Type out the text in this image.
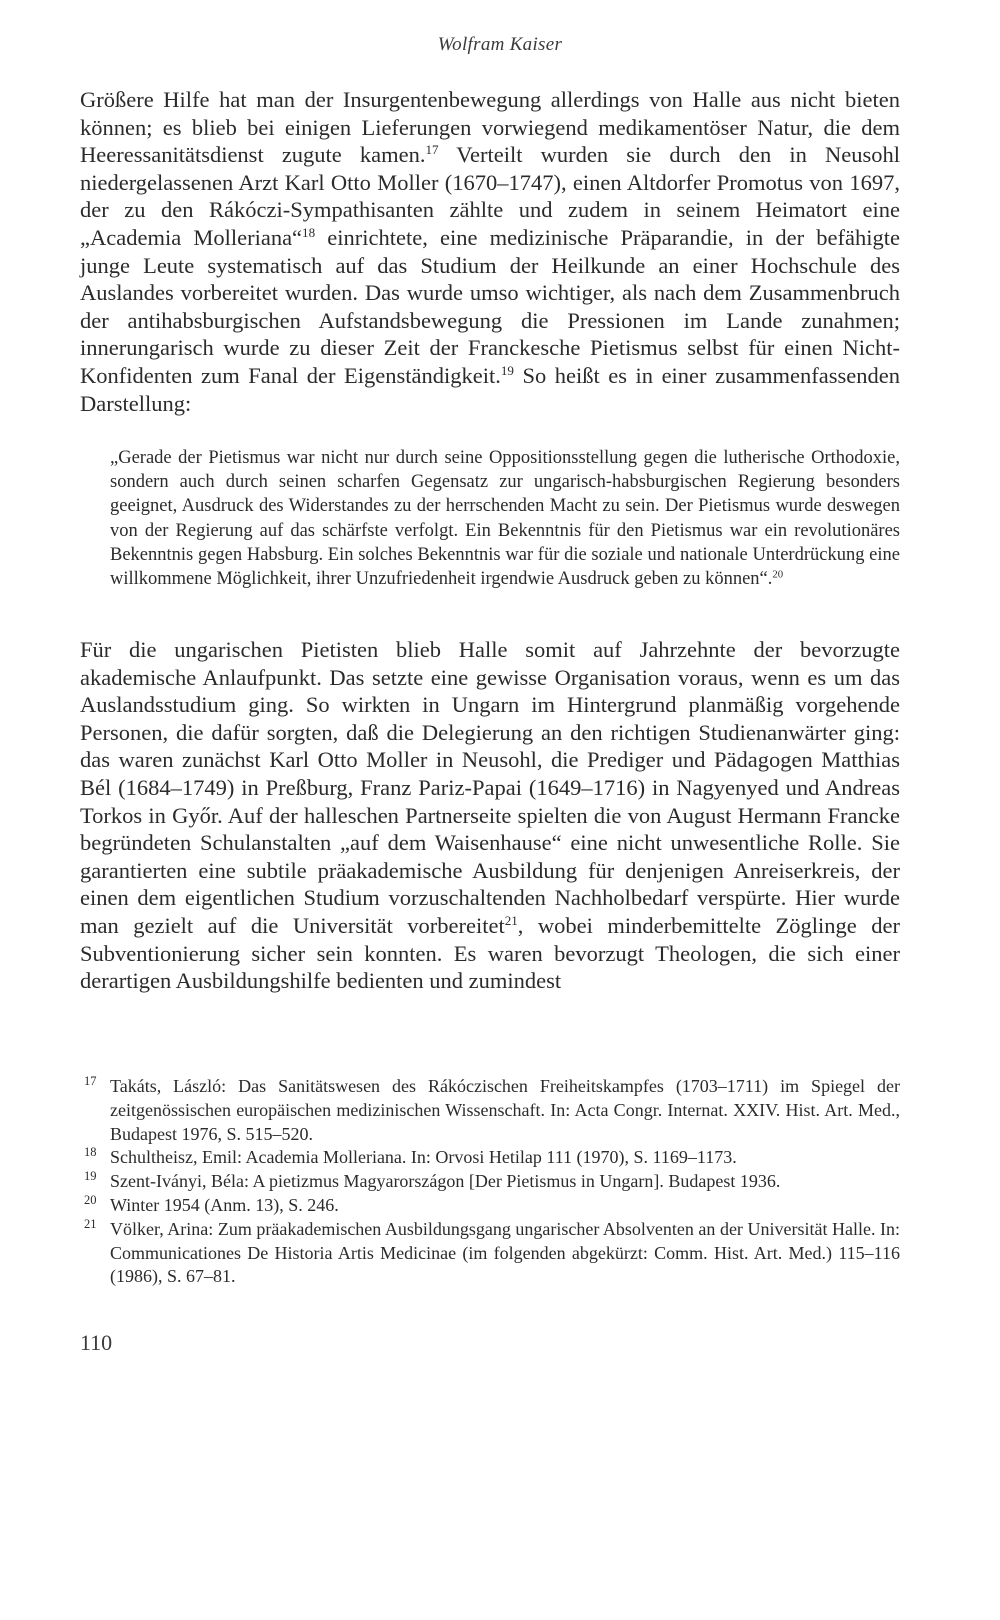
Wolfram Kaiser

Größere Hilfe hat man der Insurgentenbewegung allerdings von Halle aus nicht bieten können; es blieb bei einigen Lieferungen vorwiegend medikamentöser Natur, die dem Heeressanitätsdienst zugute kamen.$^{17}$ Verteilt wurden sie durch den in Neusohl niedergelassenen Arzt Karl Otto Moller (1670–1747), einen Altdorfer Promotus von 1697, der zu den Rákóczi-Sympathisanten zählte und zudem in seinem Heimatort eine „Academia Molleriana“$^{18}$ einrichtete, eine medizinische Präparandie, in der befähigte junge Leute systematisch auf das Studium der Heilkunde an einer Hochschule des Auslandes vorbereitet wurden. Das wurde umso wichtiger, als nach dem Zusammenbruch der antihabsburgischen Aufstandsbewegung die Pressionen im Lande zunahmen; innerungarisch wurde zu dieser Zeit der Franckesche Pietismus selbst für einen Nicht-Konfidenten zum Fanal der Eigenständigkeit.$^{19}$ So heißt es in einer zusammenfassenden Darstellung:

„Gerade der Pietismus war nicht nur durch seine Oppositionsstellung gegen die lutherische Orthodoxie, sondern auch durch seinen scharfen Gegensatz zur ungarisch-habsburgischen Regierung besonders geeignet, Ausdruck des Widerstandes zu der herrschenden Macht zu sein. Der Pietismus wurde deswegen von der Regierung auf das schärfste verfolgt. Ein Bekenntnis für den Pietismus war ein revolutionäres Bekenntnis gegen Habsburg. Ein solches Bekenntnis war für die soziale und nationale Unterdrückung eine willkommene Möglichkeit, ihrer Unzufriedenheit irgendwie Ausdruck geben zu können“.$^{20}$

Für die ungarischen Pietisten blieb Halle somit auf Jahrzehnte der bevorzugte akademische Anlaufpunkt. Das setzte eine gewisse Organisation voraus, wenn es um das Auslandsstudium ging. So wirkten in Ungarn im Hintergrund planmäßig vorgehende Personen, die dafür sorgten, daß die Delegierung an den richtigen Studienanwärter ging: das waren zunächst Karl Otto Moller in Neusohl, die Prediger und Pädagogen Matthias Bél (1684–1749) in Preßburg, Franz Pariz-Papai (1649–1716) in Nagyenyed und Andreas Torkos in Győr. Auf der halleschen Partnerseite spielten die von August Hermann Francke begründeten Schulanstalten „auf dem Waisenhause“ eine nicht unwesentliche Rolle. Sie garantierten eine subtile präakademische Ausbildung für denjenigen Anreiserkreis, der einen dem eigentlichen Studium vorzuschaltenden Nachholbedarf verspürte. Hier wurde man gezielt auf die Universität vorbereitet$^{21}$, wobei minderbemittelte Zöglinge der Subventionierung sicher sein konnten. Es waren bevorzugt Theologen, die sich einer derartigen Ausbildungshilfe bedienten und zumindest

17 Takáts, László: Das Sanitätswesen des Rákóczischen Freiheitskampfes (1703–1711) im Spiegel der zeitgenössischen europäischen medizinischen Wissenschaft. In: Acta Congr. Internat. XXIV. Hist. Art. Med., Budapest 1976, S. 515–520.
18 Schultheisz, Emil: Academia Molleriana. In: Orvosi Hetilap 111 (1970), S. 1169–1173.
19 Szent-Iványi, Béla: A pietizmus Magyarországon [Der Pietismus in Ungarn]. Budapest 1936.
20 Winter 1954 (Anm. 13), S. 246.
21 Völker, Arina: Zum präakademischen Ausbildungsgang ungarischer Absolventen an der Universität Halle. In: Communicationes De Historia Artis Medicinae (im folgenden abgekürzt: Comm. Hist. Art. Med.) 115–116 (1986), S. 67–81.
110
